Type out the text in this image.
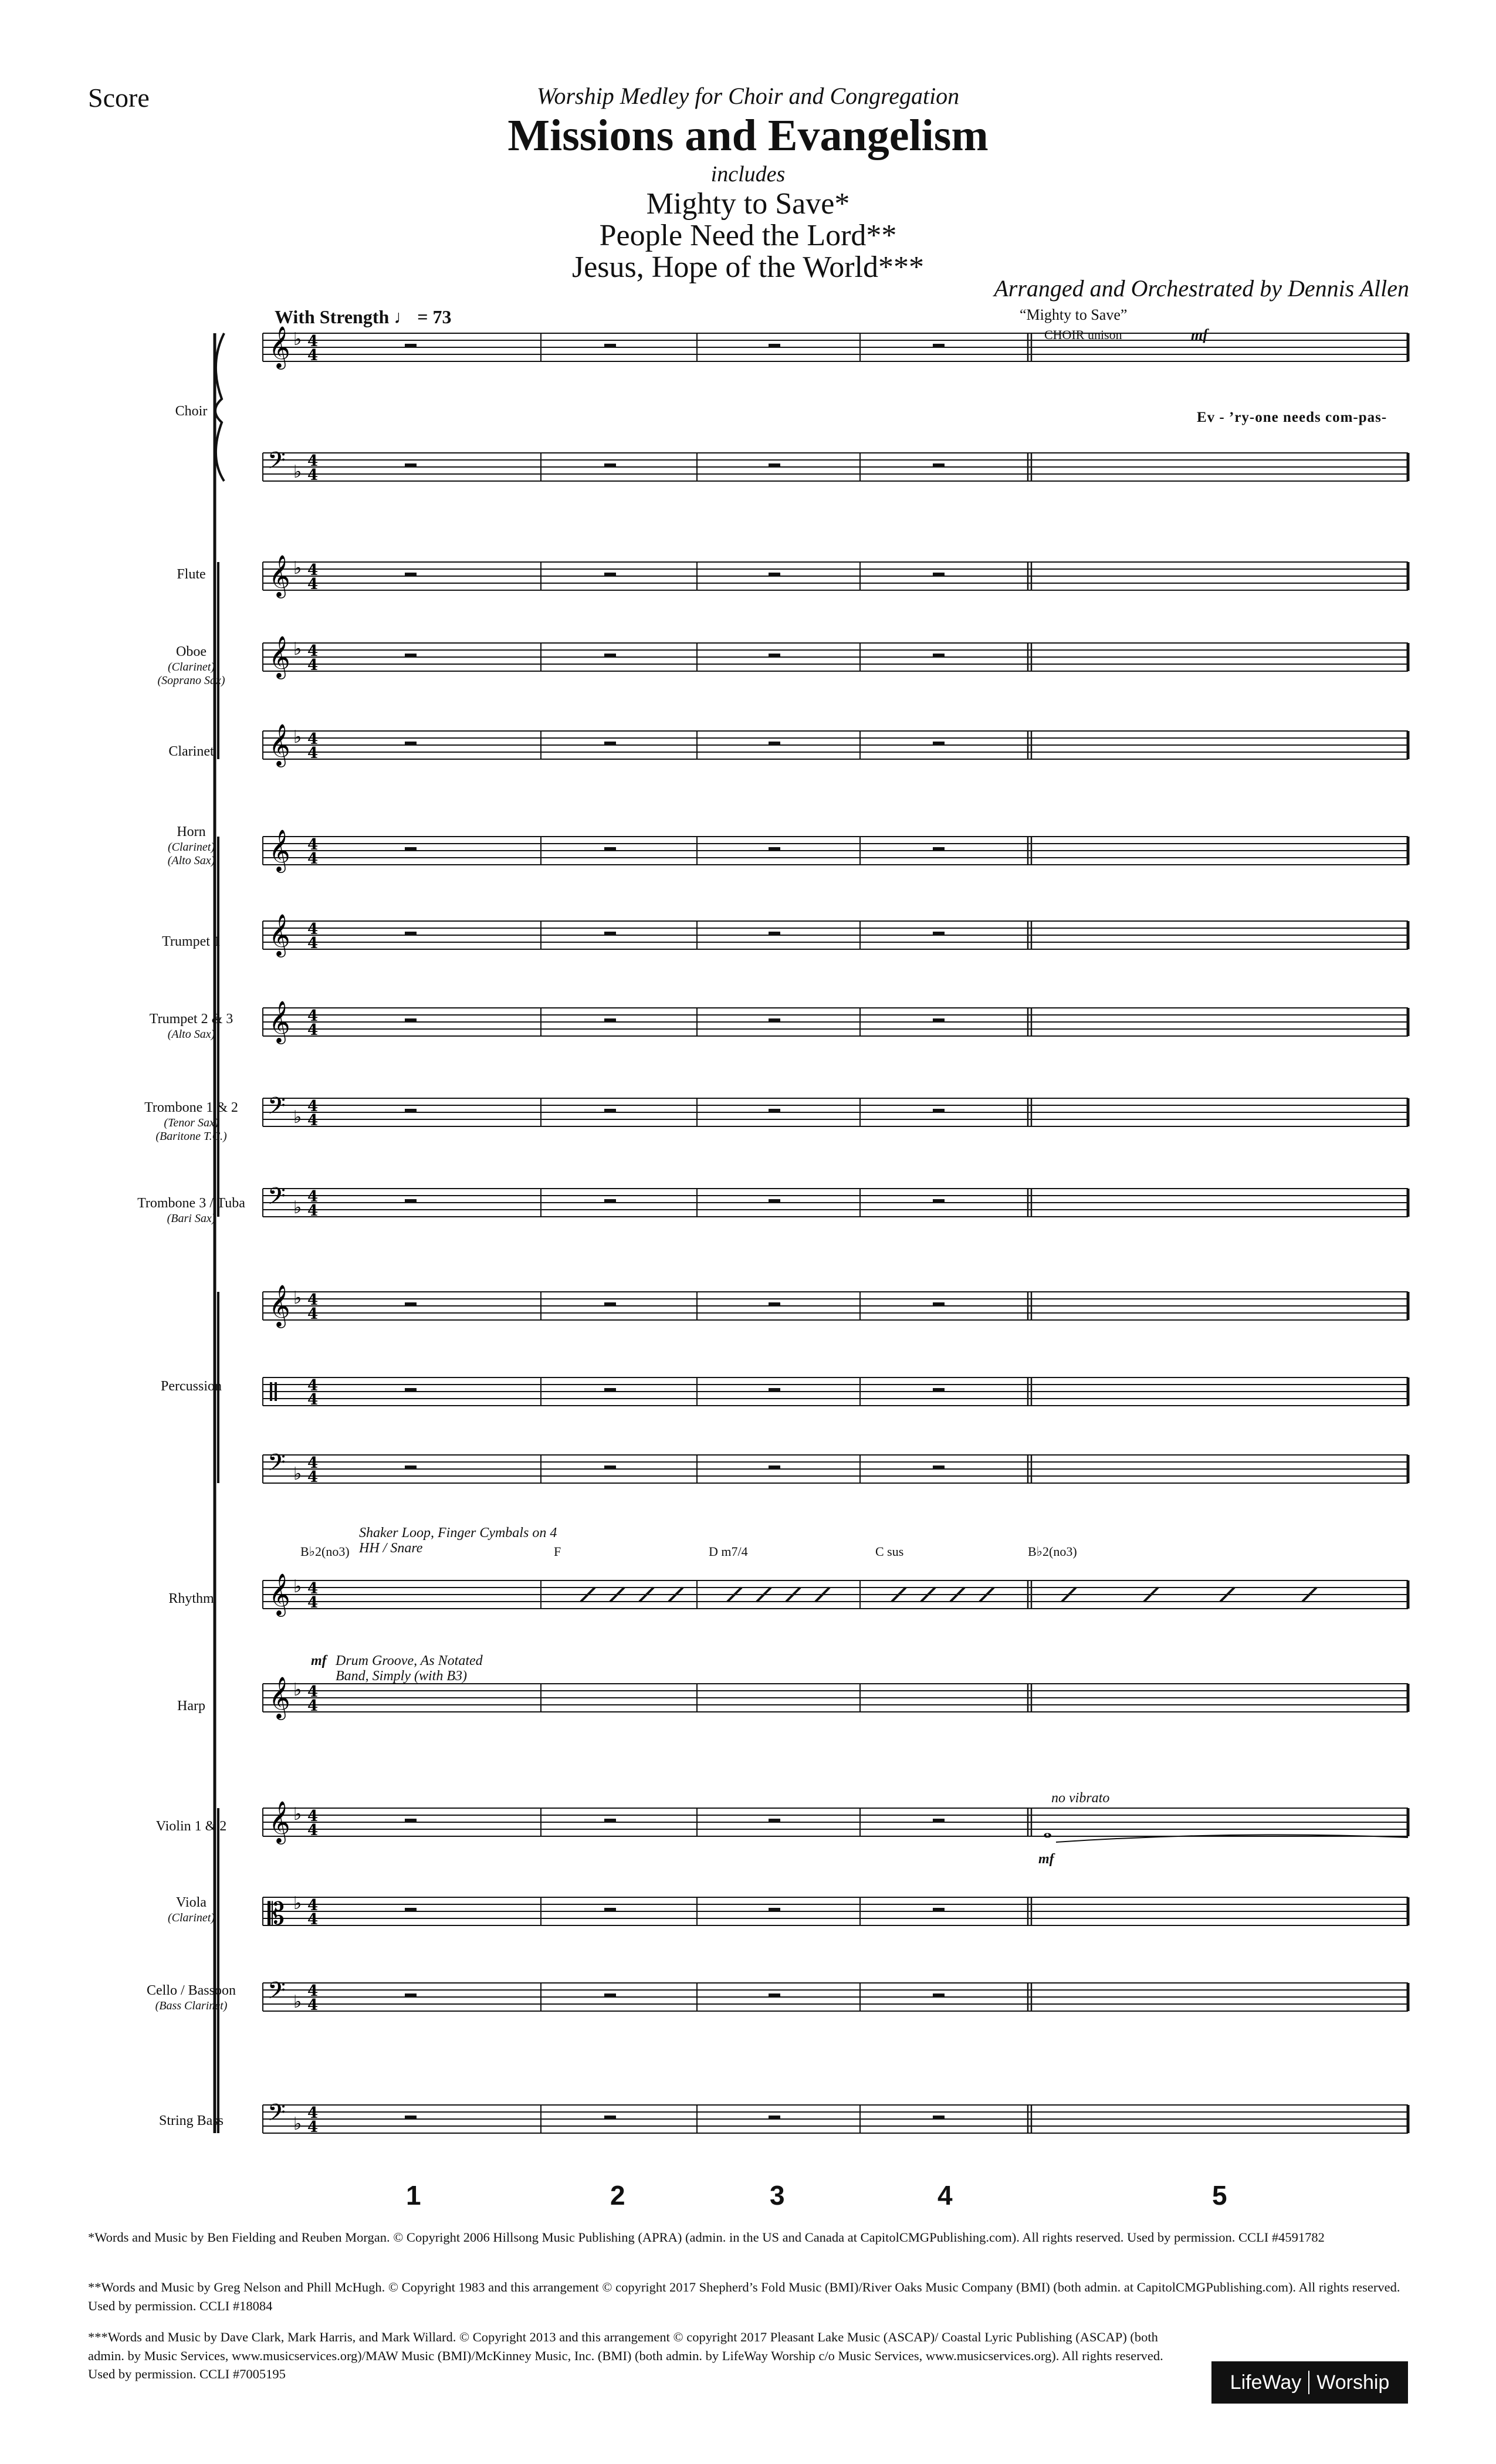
Score	Worship Medley for Choir and Congregation
Missions and Evangelism
includes
Mighty to Save*
People Need the Lord**
Jesus, Hope of the World***
Arranged and Orchestrated by Dennis Allen
With Strength ♩ = 73	“Mighty to Save”
CHOIR unison	mf
Ev - ’ry-one needs com-pas-
Shaker Loop, Finger Cymbals on 4
HH / Snare
mf Drum Groove, As Notated
Band, Simply (with B3)
B♭2(no3)	F	D m7/4	C sus	B♭2(no3)
no vibrato
mf
Choir
Flute
Oboe
(Clarinet)
(Soprano Sax)
Clarinet
Horn
(Clarinet)
(Alto Sax)
Trumpet 1
Trumpet 2 & 3
(Alto Sax)
Trombone 1 & 2
(Tenor Sax)
(Baritone T.C.)
Trombone 3 / Tuba
(Bari Sax)
Percussion
Rhythm
Harp
Violin 1 & 2
Viola
(Clarinet)
Cello / Bassoon
(Bass Clarinet)
String Bass
𝄞 ♭ 4
4
𝄢 ♭
4
4
𝄞 ♭ 4
4
𝄞 ♭ 4
4
𝄞 ♭ 4
4
𝄞 4
4
𝄞 4
4
𝄞 4
4
𝄢 ♭
4
4
𝄢 ♭
4
4
𝄞 ♭ 4
4
4
4
𝄢 ♭
4
4
𝄞 ♭ 4
4
𝄞 ♭ 4
4
𝄞 ♭ 4
4
𝄡 ♭ 4
4
𝄢 ♭
4
4
𝄢 ♭
4
4
𝅝
1	2	3	4	5
*Words and Music by Ben Fielding and Reuben Morgan. © Copyright 2006 Hillsong Music Publishing (APRA) (admin. in the US and Canada at CapitolCMGPublishing.com). All rights reserved. Used by permission. CCLI #4591782
**Words and Music by Greg Nelson and Phill McHugh. © Copyright 1983 and this arrangement © copyright 2017 Shepherd’s Fold Music (BMI)/River Oaks Music Company (BMI) (both admin. at CapitolCMGPublishing.com). All rights reserved. Used by permission. CCLI #18084
***Words and Music by Dave Clark, Mark Harris, and Mark Willard. © Copyright 2013 and this arrangement © copyright 2017 Pleasant Lake Music (ASCAP)/ Coastal Lyric Publishing (ASCAP) (both admin. by Music Services, www.musicservices.org)/MAW Music (BMI)/McKinney Music, Inc. (BMI) (both admin. by LifeWay Worship c/o Music Services, www.musicservices.org). All rights reserved. Used by permission. CCLI #7005195	LifeWay Worship
